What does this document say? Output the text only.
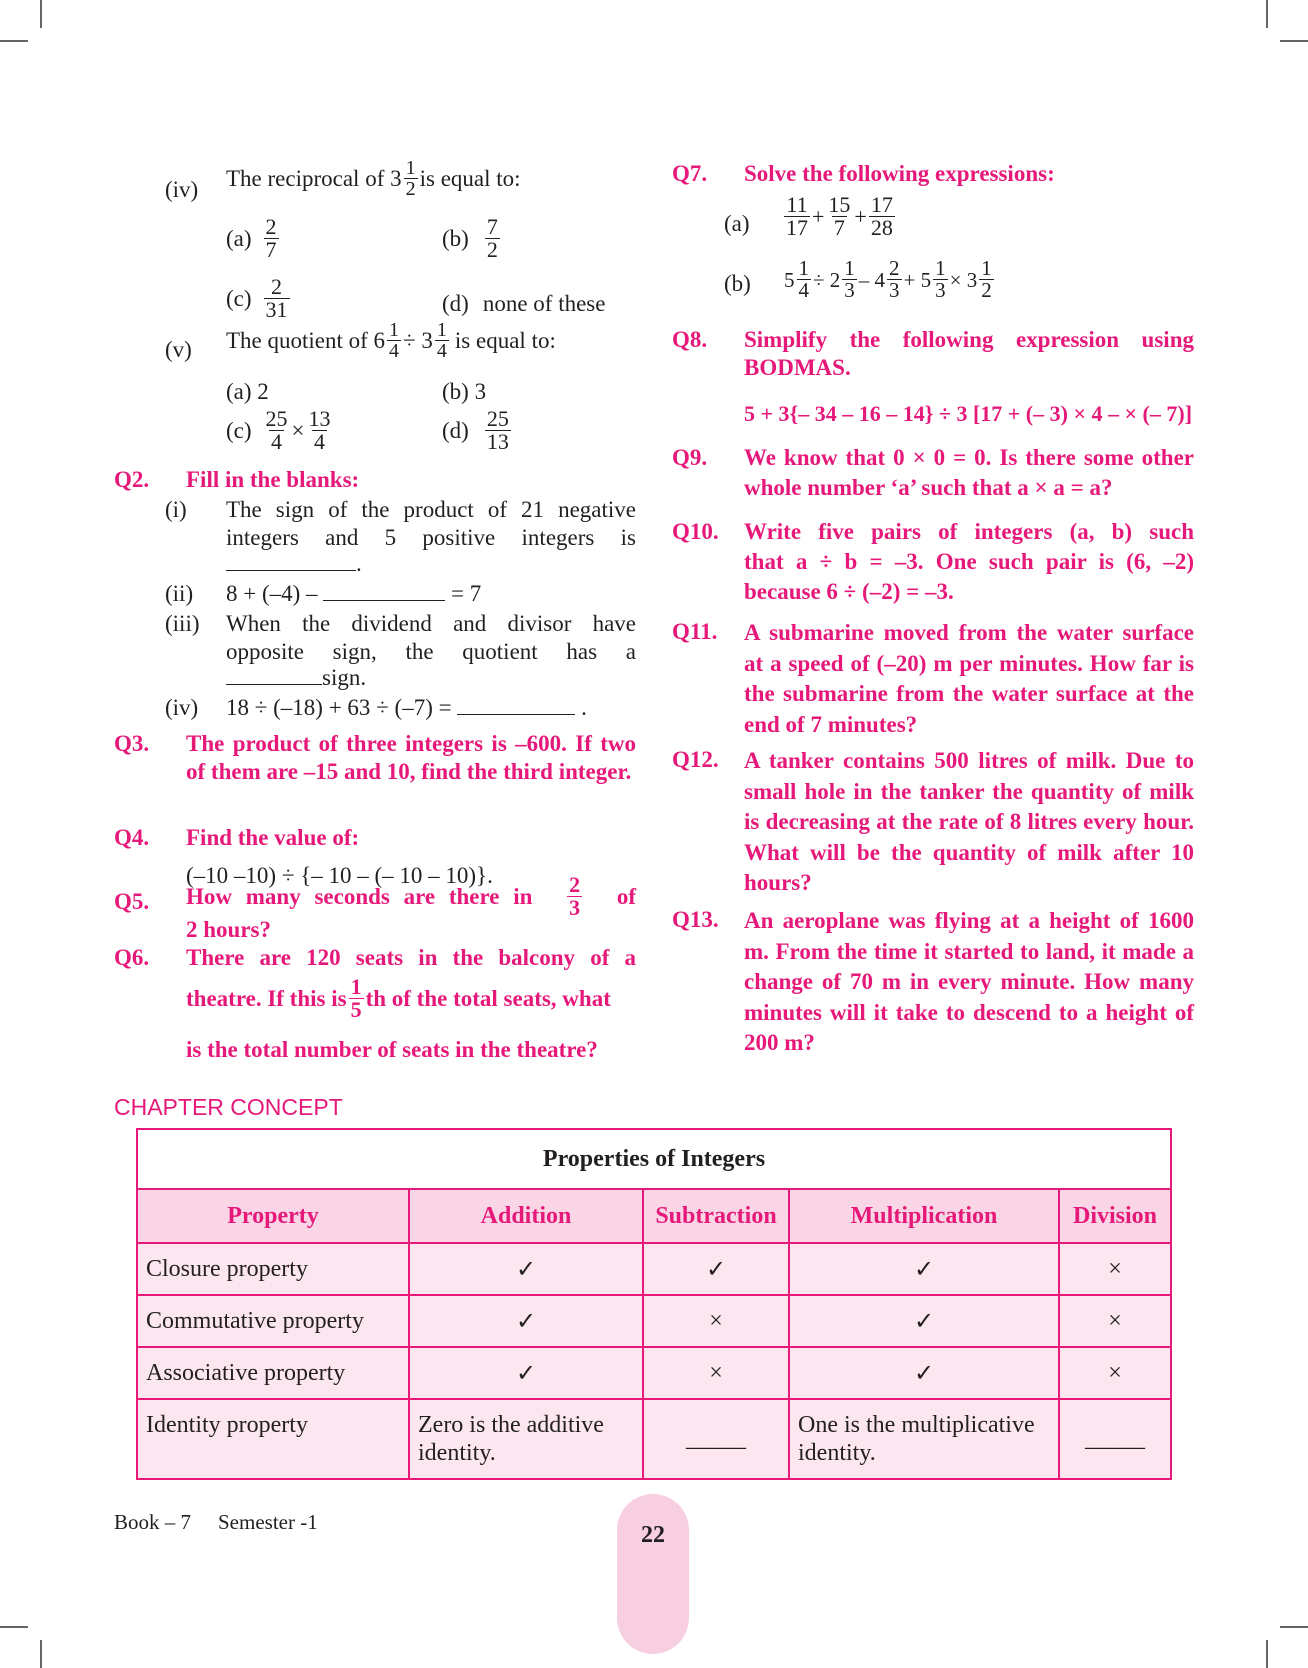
(iv) The reciprocal of $3 \frac{1}{2}$ is equal to:
$(a) \frac{2}{7}$	$(b) \frac{7}{2}$
$(c) \frac{2}{31}$	(d) none of these
(v) The quotient of $6 \frac{1}{4} \div 3 \frac{1}{4}$ is equal to:
(a) 2	(b) 3
$(c) \frac{25}{4} \times \frac{13}{4}$	$(d) \frac{25}{13}$
Q2. Fill in the blanks:
(i) The sign of the product of 21 negative integers and 5 positive integers is
.
(ii) 8 + (–4) –	= 7
(iii) When the dividend and divisor have opposite sign, the quotient has a
sign.
(iv) 18 ÷ (–18) + 63 ÷ (–7) =	.
Q3. The product of three integers is –600. If two of them are –15 and 10, find the third integer.
Q4. Find the value of:
(–10 –10) ÷ {– 10 – (– 10 – 10)}.
Q5. How many seconds are there in $\frac{2}{3}$ of
2 hours?
Q6. There are 120 seats in the balcony of a
theatre. If this is $\frac{1}{5}$ th of the total seats, what
is the total number of seats in the theatre?
Q7. Solve the following expressions:
$(a) \frac{11}{17} + \frac{15}{7} + \frac{17}{28}$
(b) $5 \frac{1}{4} \div 2 \frac{1}{3} - 4 \frac{2}{3} + 5 \frac{1}{3} \times 3 \frac{1}{2}$
Q8. Simplify the following expression using BODMAS.
5 + 3{– 34 – 16 – 14} ÷ 3 [17 + (– 3) × 4 – × (– 7)]
Q9. We know that 0 × 0 = 0. Is there some other
whole number ‘a’ such that a × a = a?
Q10. Write five pairs of integers (a, b) such
that a ÷ b = –3. One such pair is (6, –2)
because 6 ÷ (–2) = –3.
Q11. A submarine moved from the water surface at a speed of (–20) m per minutes. How far is the submarine from the water surface at the end of 7 minutes?
Q12. A tanker contains 500 litres of milk. Due to small hole in the tanker the quantity of milk is decreasing at the rate of 8 litres every hour. What will be the quantity of milk after 10 hours?
Q13. An aeroplane was flying at a height of 1600 m. From the time it started to land, it made a change of 70 m in every minute. How many minutes will it take to descend to a height of 200 m?
CHAPTER CONCEPT
Properties of Integers				
Property	Addition	Subtraction	Multiplication	Division
Closure property	✓	✓	✓	×
Commutative property	✓	×	✓	×
Associative property	✓	×	✓	×
Identity property	Zero is the additive identity.	_____	One is the multiplicative identity.	_____
Book – 7 Semester -1	22
